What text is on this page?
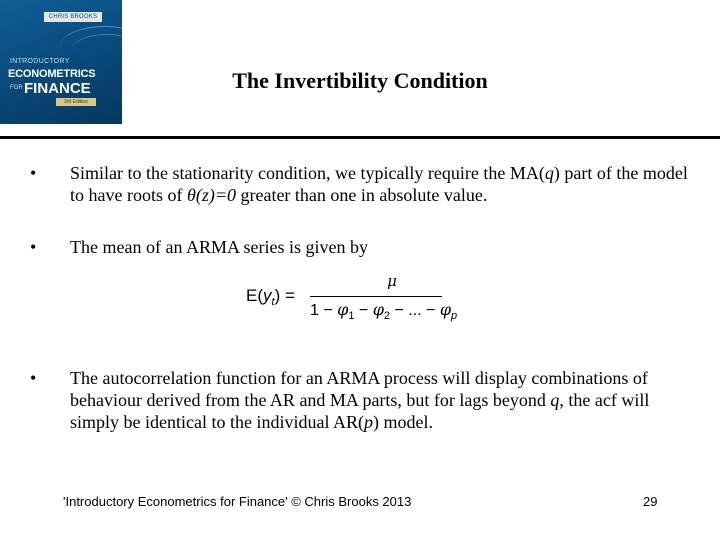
CHRIS BROOKS
INTRODUCTORY
ECONOMETRICS
FOR FINANCE
3rd Edition
The Invertibility Condition
• Similar to the stationarity condition, we typically require the MA(q) part of the model to have roots of θ(z)=0 greater than one in absolute value.
• The mean of an ARMA series is given by
$E(y_t)$ =
μ
$1 - \varphi_1 - \varphi_2$ − ... − $\varphi_p$
• The autocorrelation function for an ARMA process will display combinations of behaviour derived from the AR and MA parts, but for lags beyond q, the acf will simply be identical to the individual AR(p) model.
'Introductory Econometrics for Finance' © Chris Brooks 2013	29
